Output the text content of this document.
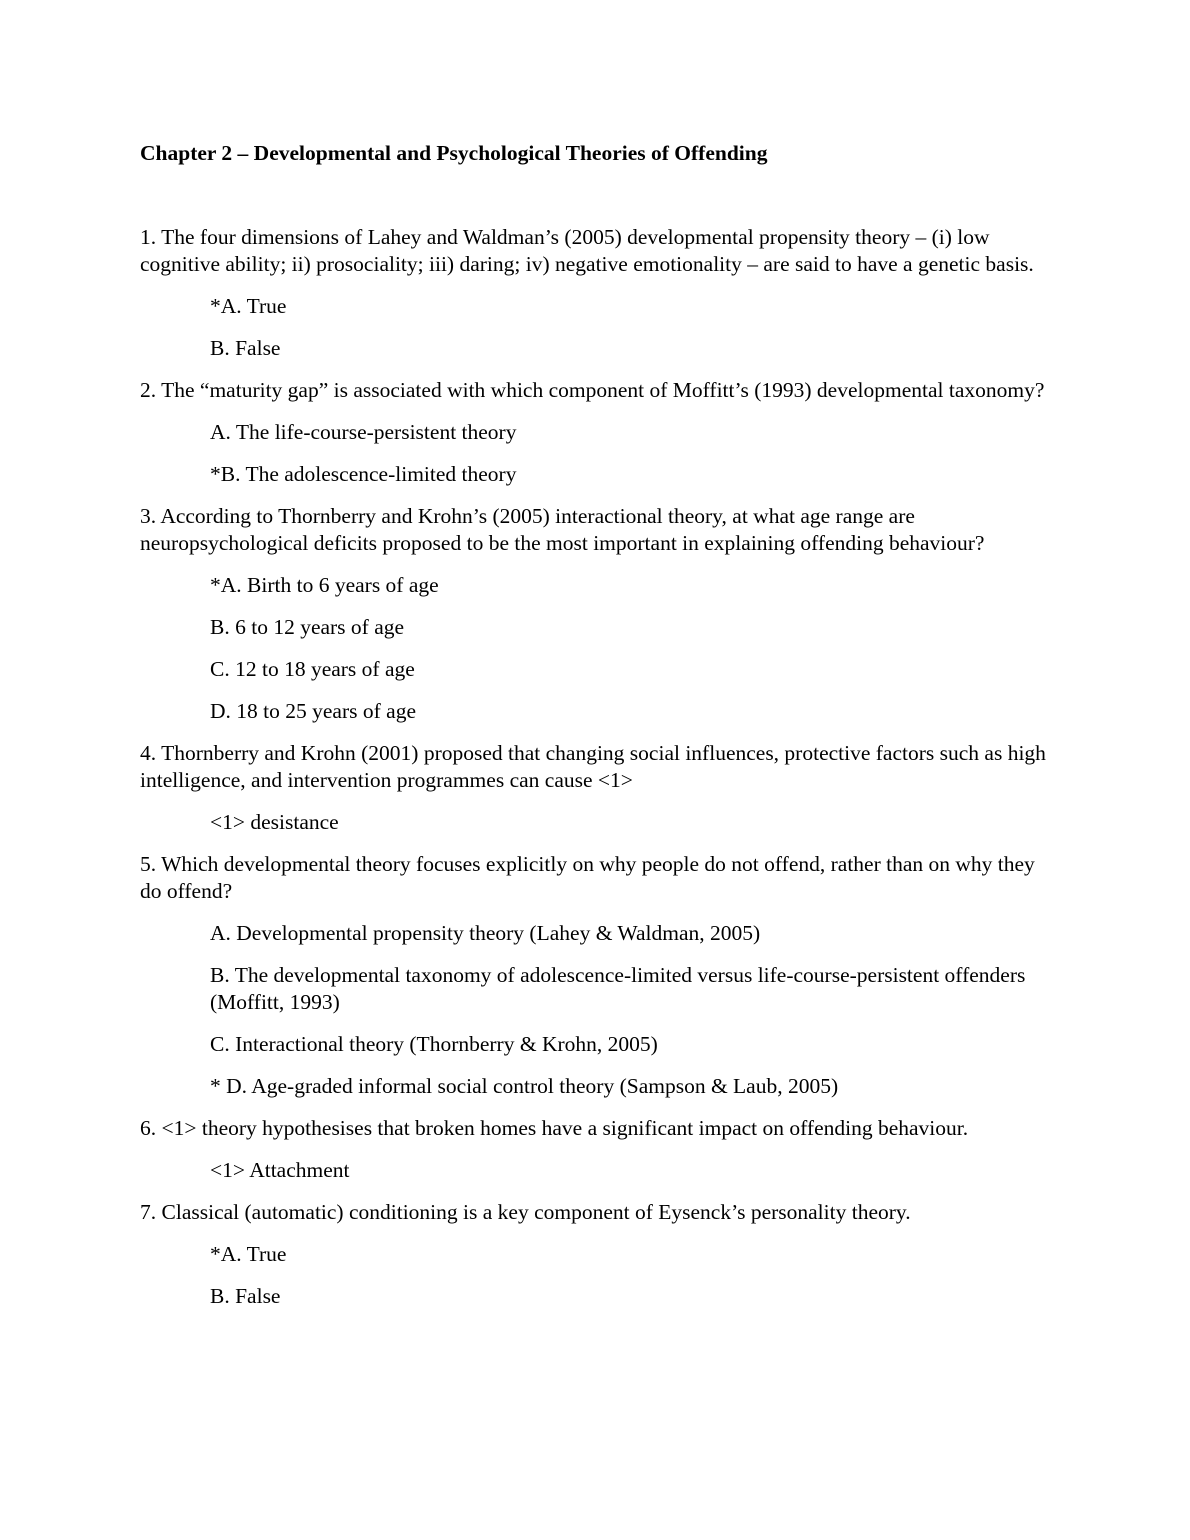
Chapter 2 – Developmental and Psychological Theories of Offending

1. The four dimensions of Lahey and Waldman’s (2005) developmental propensity theory – (i) low cognitive ability; ii) prosociality; iii) daring; iv) negative emotionality – are said to have a genetic basis.

*A. True

B. False

2. The “maturity gap” is associated with which component of Moffitt’s (1993) developmental taxonomy?

A. The life-course-persistent theory

*B. The adolescence-limited theory

3. According to Thornberry and Krohn’s (2005) interactional theory, at what age range are neuropsychological deficits proposed to be the most important in explaining offending behaviour?

*A. Birth to 6 years of age

B. 6 to 12 years of age

C. 12 to 18 years of age

D. 18 to 25 years of age

4. Thornberry and Krohn (2001) proposed that changing social influences, protective factors such as high intelligence, and intervention programmes can cause <1>

<1> desistance

5. Which developmental theory focuses explicitly on why people do not offend, rather than on why they do offend?

A. Developmental propensity theory (Lahey & Waldman, 2005)

B. The developmental taxonomy of adolescence-limited versus life-course-persistent offenders (Moffitt, 1993)

C. Interactional theory (Thornberry & Krohn, 2005)

* D. Age-graded informal social control theory (Sampson & Laub, 2005)

6. <1> theory hypothesises that broken homes have a significant impact on offending behaviour.

<1> Attachment

7. Classical (automatic) conditioning is a key component of Eysenck’s personality theory.

*A. True

B. False
